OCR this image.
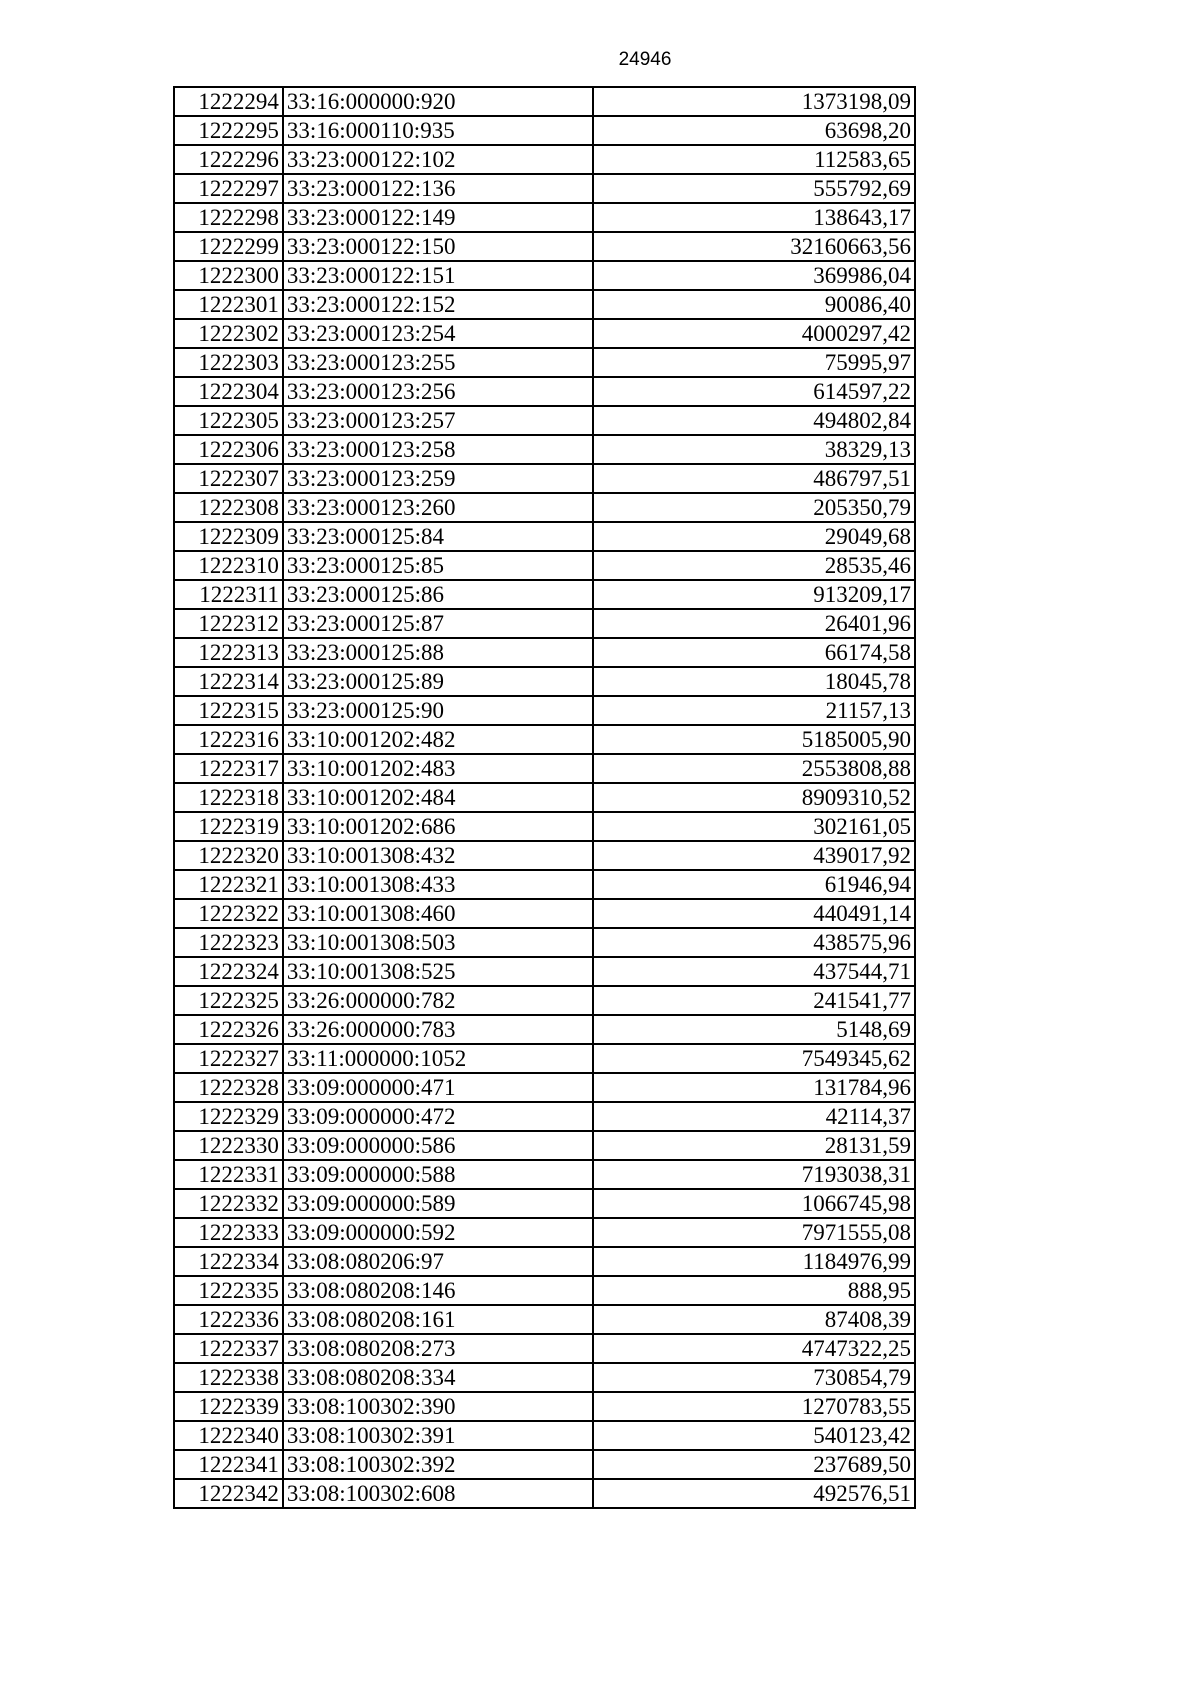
24946
1222294	33:16:000000:920	1373198,09
1222295	33:16:000110:935	63698,20
1222296	33:23:000122:102	112583,65
1222297	33:23:000122:136	555792,69
1222298	33:23:000122:149	138643,17
1222299	33:23:000122:150	32160663,56
1222300	33:23:000122:151	369986,04
1222301	33:23:000122:152	90086,40
1222302	33:23:000123:254	4000297,42
1222303	33:23:000123:255	75995,97
1222304	33:23:000123:256	614597,22
1222305	33:23:000123:257	494802,84
1222306	33:23:000123:258	38329,13
1222307	33:23:000123:259	486797,51
1222308	33:23:000123:260	205350,79
1222309	33:23:000125:84	29049,68
1222310	33:23:000125:85	28535,46
1222311	33:23:000125:86	913209,17
1222312	33:23:000125:87	26401,96
1222313	33:23:000125:88	66174,58
1222314	33:23:000125:89	18045,78
1222315	33:23:000125:90	21157,13
1222316	33:10:001202:482	5185005,90
1222317	33:10:001202:483	2553808,88
1222318	33:10:001202:484	8909310,52
1222319	33:10:001202:686	302161,05
1222320	33:10:001308:432	439017,92
1222321	33:10:001308:433	61946,94
1222322	33:10:001308:460	440491,14
1222323	33:10:001308:503	438575,96
1222324	33:10:001308:525	437544,71
1222325	33:26:000000:782	241541,77
1222326	33:26:000000:783	5148,69
1222327	33:11:000000:1052	7549345,62
1222328	33:09:000000:471	131784,96
1222329	33:09:000000:472	42114,37
1222330	33:09:000000:586	28131,59
1222331	33:09:000000:588	7193038,31
1222332	33:09:000000:589	1066745,98
1222333	33:09:000000:592	7971555,08
1222334	33:08:080206:97	1184976,99
1222335	33:08:080208:146	888,95
1222336	33:08:080208:161	87408,39
1222337	33:08:080208:273	4747322,25
1222338	33:08:080208:334	730854,79
1222339	33:08:100302:390	1270783,55
1222340	33:08:100302:391	540123,42
1222341	33:08:100302:392	237689,50
1222342	33:08:100302:608	492576,51
